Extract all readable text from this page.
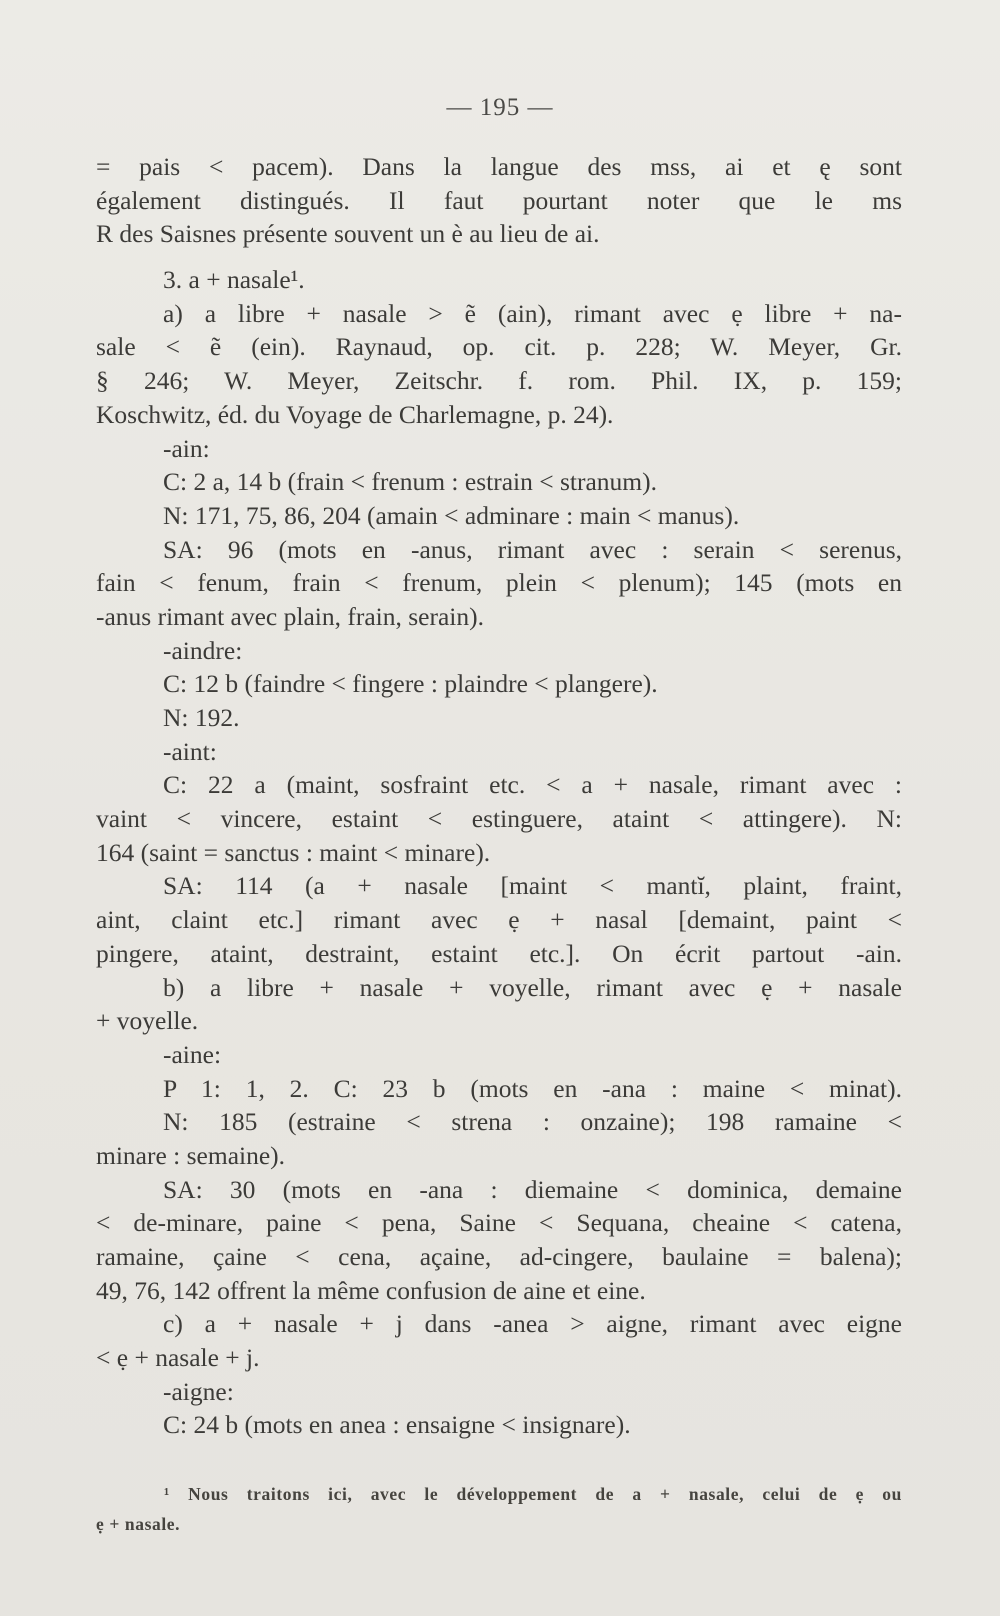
— 195 —
= pais < pacem). Dans la langue des mss, ai et ę sont
également distingués. Il faut pourtant noter que le ms
R des Saisnes présente souvent un è au lieu de ai.
3. a + nasale¹.
a) a libre + nasale > ẽ (ain), rimant avec ẹ libre + na-
sale < ẽ (ein). Raynaud, op. cit. p. 228; W. Meyer, Gr.
§ 246; W. Meyer, Zeitschr. f. rom. Phil. IX, p. 159;
Koschwitz, éd. du Voyage de Charlemagne, p. 24).
-ain:
C: 2 a, 14 b (frain < frenum : estrain < stranum).
N: 171, 75, 86, 204 (amain < adminare : main < manus).
SA: 96 (mots en -anus, rimant avec : serain < serenus,
fain < fenum, frain < frenum, plein < plenum); 145 (mots en
-anus rimant avec plain, frain, serain).
-aindre:
C: 12 b (faindre < fingere : plaindre < plangere).
N: 192.
-aint:
C: 22 a (maint, sosfraint etc. < a + nasale, rimant avec :
vaint < vincere, estaint < estinguere, ataint < attingere). N:
164 (saint = sanctus : maint < minare).
SA: 114 (a + nasale [maint < mantĭ, plaint, fraint,
aint, claint etc.] rimant avec ẹ + nasal [demaint, paint <
pingere, ataint, destraint, estaint etc.]. On écrit partout -ain.
b) a libre + nasale + voyelle, rimant avec ẹ + nasale
+ voyelle.
-aine:
P 1: 1, 2. C: 23 b (mots en -ana : maine < minat).
N: 185 (estraine < strena : onzaine); 198 ramaine <
minare : semaine).
SA: 30 (mots en -ana : diemaine < dominica, demaine
< de-minare, paine < pena, Saine < Sequana, cheaine < catena,
ramaine, çaine < cena, açaine, ad-cingere, baulaine = balena);
49, 76, 142 offrent la même confusion de aine et eine.
c) a + nasale + j dans -anea > aigne, rimant avec eigne
< ẹ + nasale + j.
-aigne:
C: 24 b (mots en anea : ensaigne < insignare).
¹ Nous traitons ici, avec le développement de a + nasale, celui de ẹ ou
ẹ + nasale.
